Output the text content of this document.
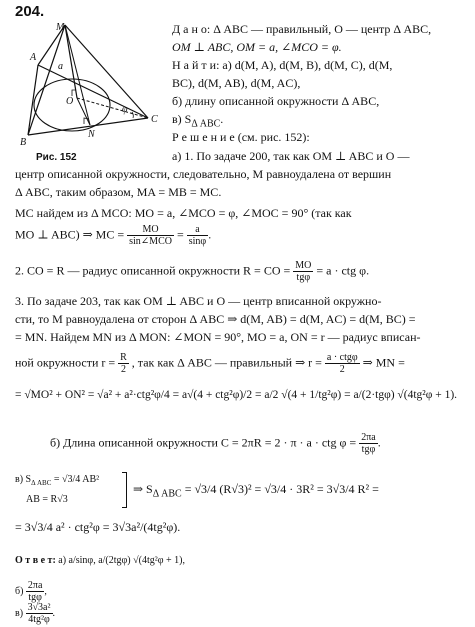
204.
M
A
B
C
O
N
a
φ
Рис. 152
Д а н о: Δ ABC — правильный, O — центр Δ ABC,
OM ⊥ ABC, OM = a, ∠MCO = φ.
Н а й т и: а) d(M, A), d(M, B), d(M, C), d(M,
BC), d(M, AB), d(M, AC),
б) длину описанной окружности Δ ABC,
в) $S_{\Delta ABC}$.
Р е ш е н и е (см. рис. 152):
а) 1. По задаче 200, так как OM ⊥ ABC и O —
центр описанной окружности, следовательно, M равноудалена от вершин
Δ ABC, таким образом, MA = MB = MC.
MC найдем из Δ MCO: MO = a, ∠MCO = φ, ∠MOC = 90° (так как
MO ⊥ ABC) ⇒ MC = $\frac{MO}{\text{sin∠MCO}} = \frac{a}{\sin\varphi}$ .
2. CO = R — радиус описанной окружности R = CO = $\frac{MO}{\text{tgφ}} = a$ · ctg φ.
3. По задаче 203, так как OM ⊥ ABC и O — центр вписанной окружно-
сти, то M равноудалена от сторон Δ ABC ⇒ d(M, AB) = d(M, AC) = d(M, BC) =
= MN. Найдем MN из Δ MON: ∠MON = 90°, MO = a, ON = r — радиус вписан-
ной окружности $r = \frac{R}{2}$ , так как Δ ABC — правильный ⇒ $r = \frac{\text{a · ctgφ}}{2}$ ⇒ MN =
= √MO² + ON² = √a² + a²·ctg²φ/4 = a√(4 + ctg²φ)/2 = a/2 √(4 + 1/tg²φ) = a/(2·tgφ) √(4tg²φ + 1).
б) Длина описанной окружности C = 2πR = 2 · π · a · ctg $\varphi = \frac{2\pi a}{\text{tgφ}}$ .
в) $S_{\Delta ABC} = √3/4$ AB²
AB = R√3
⇒ $S_{\Delta ABC} = √3/4$ (R√3)² = √3/4 · 3R² = 3√3/4 R² =
= 3√3/4 a² · ctg²φ = 3√3a²/(4tg²φ).
О т в е т: а) a/sinφ, a/(2tgφ) √(4tg²φ + 1),
$б) \frac{2\pi a}{\text{tgφ}}$ ,
$в) \frac{\text{3√3a²}}{\text{4tg²φ}}$ .
